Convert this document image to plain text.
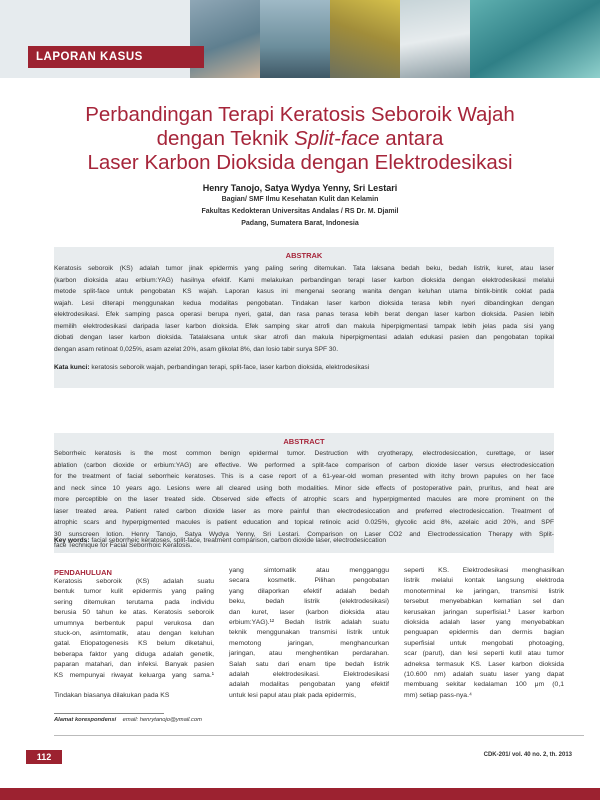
LAPORAN KASUS
Perbandingan Terapi Keratosis Seboroik Wajah
dengan Teknik Split-face antara
Laser Karbon Dioksida dengan Elektrodesikasi
Henry Tanojo, Satya Wydya Yenny, Sri Lestari
Bagian/ SMF Ilmu Kesehatan Kulit dan Kelamin
Fakultas Kedokteran Universitas Andalas / RS Dr. M. Djamil
Padang, Sumatera Barat, Indonesia
ABSTRAK
Keratosis seboroik (KS) adalah tumor jinak epidermis yang paling sering ditemukan. Tata laksana bedah beku, bedah listrik, kuret, atau laser
(karbon dioksida atau erbium:YAG) hasilnya efektif. Kami melakukan perbandingan terapi laser karbon dioksida dengan elektrodesikasi melalui
metode split-face untuk pengobatan KS wajah. Laporan kasus ini mengenai seorang wanita dengan keluhan utama bintik-bintik coklat pada
wajah. Lesi diterapi menggunakan kedua modalitas pengobatan. Tindakan laser karbon dioksida terasa lebih nyeri dibandingkan dengan
elektrodesikasi. Efek samping pasca operasi berupa nyeri, gatal, dan rasa panas terasa lebih berat dengan laser karbon dioksida. Pasien lebih
memilih elektrodesikasi daripada laser karbon dioksida. Efek samping skar atrofi dan makula hiperpigmentasi tampak lebih jelas pada sisi yang
diobati dengan laser karbon dioksida. Tatalaksana untuk skar atrofi dan makula hiperpigmentasi adalah edukasi pasien dan pengobatan topikal
dengan asam retinoat 0,025%, asam azelat 20%, asam glikolat 8%, dan losio tabir surya SPF 30.
Kata kunci: keratosis seboroik wajah, perbandingan terapi, split-face, laser karbon dioksida, elektrodesikasi
ABSTRACT
Seborrheic keratosis is the most common benign epidermal tumor. Destruction with cryotherapy, electrodesiccation, curettage, or laser
ablation (carbon dioxide or erbium:YAG) are effective. We performed a split-face comparison of carbon dioxide laser versus electrodesiccation
for the treatment of facial seborrheic keratoses. This is a case report of a 61-year-old woman presented with itchy brown papules on her face
and neck since 10 years ago. Lesions were all cleared using both modalities. Minor side effects of postoperative pain, pruritus, and heat are
more perceptible on the laser treated side. Observed side effects of atrophic scars and hyperpigmented macules are more prominent on the
laser treated area. Patient rated carbon dioxide laser as more painful than electrodesiccation and preferred electrodesiccation. Treatment of
atrophic scars and hyperpigmented macules is patient education and topical retinoic acid 0.025%, glycolic acid 8%, azelaic acid 20%, and SPF
30 sunscreen lotion. Henry Tanojo, Satya Wydya Yenny, Sri Lestari. Comparison on Laser CO2 and Electrodessication Therapy with Split-
face Technique for Facial Seborrhoic Keratosis.
Key words: facial seborrheic keratoses, split-face, treatment comparison, carbon dioxide laser, electrodesiccation
PENDAHULUAN
Keratosis seboroik (KS) adalah suatu
bentuk tumor kulit epidermis yang paling
sering ditemukan terutama pada individu
berusia 50 tahun ke atas. Keratosis seboroik
umumnya berbentuk papul verukosa dan
stuck-on, asimtomatik, atau dengan keluhan
gatal. Etiopatogenesis KS belum diketahui,
beberapa faktor yang diduga adalah genetik,
paparan matahari, dan infeksi. Banyak pasien
KS mempunyai riwayat keluarga yang sama.¹

Tindakan biasanya dilakukan pada KS
yang simtomatik atau mengganggu
secara kosmetik. Pilihan pengobatan
yang dilaporkan efektif adalah bedah
beku, bedah listrik (elektrodesikasi)
dan kuret, laser (karbon dioksida atau
erbium:YAG).¹² Bedah listrik adalah suatu
teknik menggunakan transmisi listrik untuk
memotong jaringan, menghancurkan
jaringan, atau menghentikan perdarahan.
Salah satu dari enam tipe bedah listrik
adalah elektrodesikasi. Elektrodesikasi
adalah modalitas pengobatan yang efektif
untuk lesi papul atau plak pada epidermis,
seperti KS. Elektrodesikasi menghasilkan
listrik melalui kontak langsung elektroda
monoterminal ke jaringan, transmisi listrik
tersebut menyebabkan kematian sel dan
kerusakan jaringan superfisial.³ Laser karbon
dioksida adalah laser yang menyebabkan
penguapan epidermis dan dermis bagian
superfisial untuk mengobati photoaging,
scar (parut), dan lesi seperti kutil atau tumor
adneksa termasuk KS. Laser karbon dioksida
(10.600 nm) adalah suatu laser yang dapat
membuang sekitar kedalaman 100 μm (0,1
mm) setiap pass-nya.⁴
Alamat korespondensi email: henrytanojo@ymail.com
112	CDK-201/ vol. 40 no. 2, th. 2013
